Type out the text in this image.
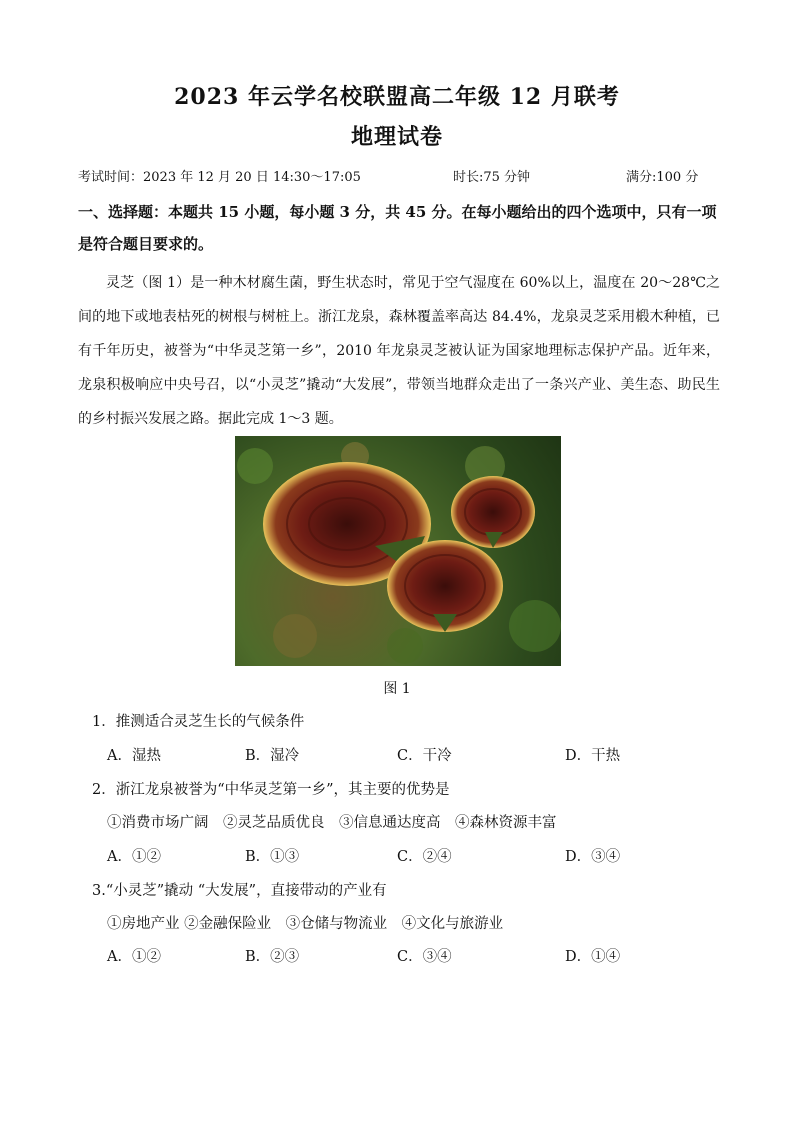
2023 年云学名校联盟高二年级 12 月联考
地理试卷
考试时间：2023 年 12 月 20 日 14:30～17:05	时长:75 分钟	满分:100 分
一、选择题：本题共 15 小题，每小题 3 分，共 45 分。在每小题给出的四个选项中，只有一项是符合题目要求的。
灵芝（图 1）是一种木材腐生菌，野生状态时，常见于空气湿度在 60%以上，温度在 20～28℃之间的地下或地表枯死的树根与树桩上。浙江龙泉，森林覆盖率高达 84.4%，龙泉灵芝采用椴木种植，已有千年历史，被誉为“中华灵芝第一乡”，2010 年龙泉灵芝被认证为国家地理标志保护产品。近年来，龙泉积极响应中央号召，以“小灵芝”撬动“大发展”，带领当地群众走出了一条兴产业、美生态、助民生的乡村振兴发展之路。据此完成 1～3 题。
图 1
1．推测适合灵芝生长的气候条件
A．湿热	B．湿冷	C．干冷	D．干热
2．浙江龙泉被誉为“中华灵芝第一乡”，其主要的优势是
①消费市场广阔　②灵芝品质优良　③信息通达度高　④森林资源丰富
A．①②	B．①③	C．②④	D．③④
3.“小灵芝”撬动 “大发展”，直接带动的产业有
①房地产业 ②金融保险业　③仓储与物流业　④文化与旅游业
A．①②	B．②③	C．③④	D．①④
